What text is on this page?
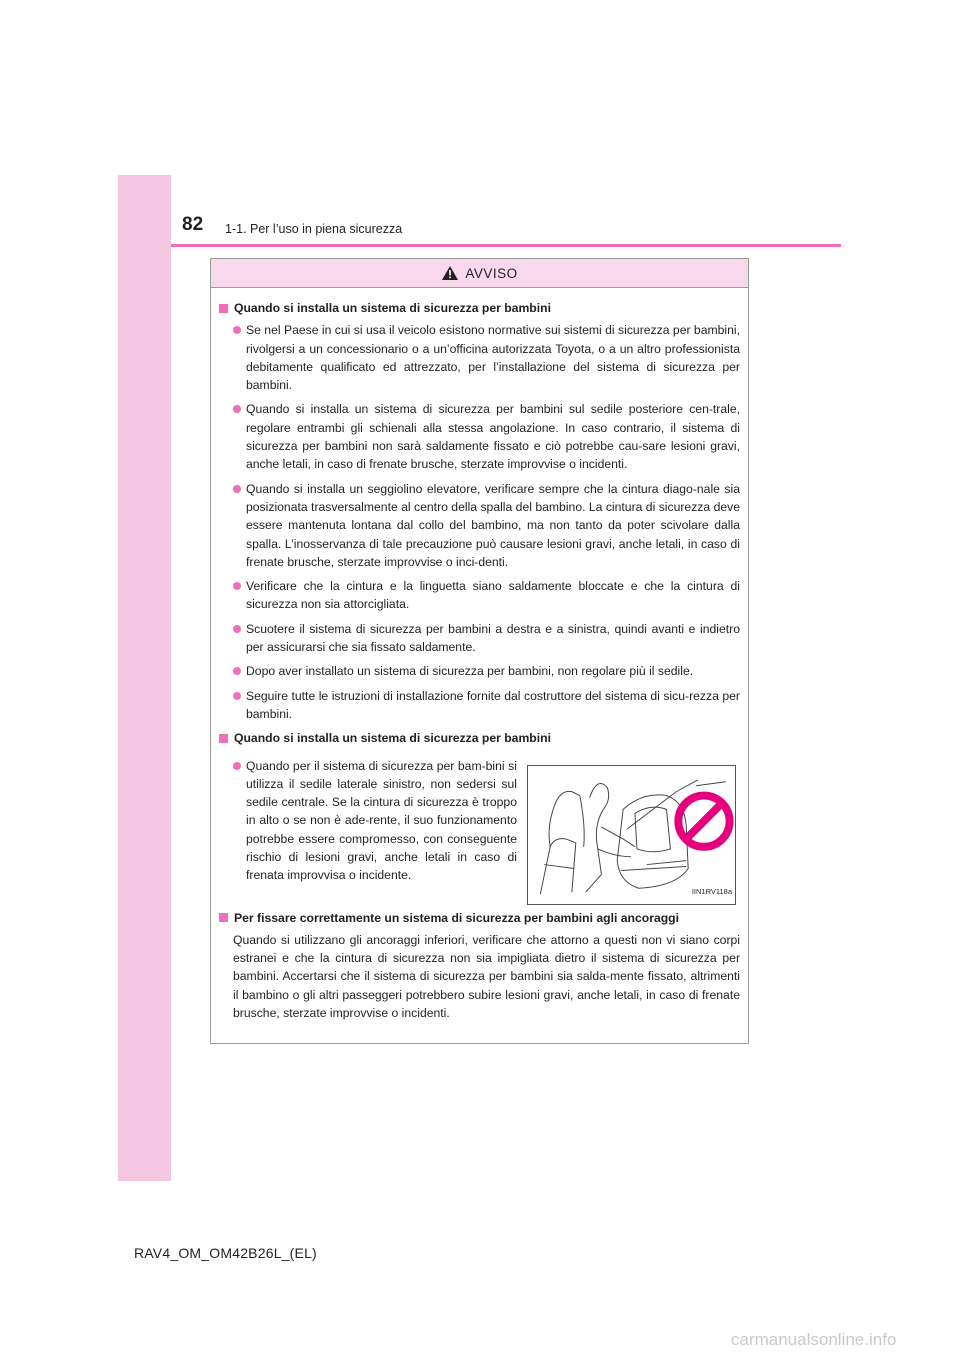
82 1-1. Per l’uso in piena sicurezza
AVVISO
Quando si installa un sistema di sicurezza per bambini
Se nel Paese in cui si usa il veicolo esistono normative sui sistemi di sicurezza per bambini, rivolgersi a un concessionario o a un’officina autorizzata Toyota, o a un altro professionista debitamente qualificato ed attrezzato, per l’installazione del sistema di sicurezza per bambini.
Quando si installa un sistema di sicurezza per bambini sul sedile posteriore cen-trale, regolare entrambi gli schienali alla stessa angolazione. In caso contrario, il sistema di sicurezza per bambini non sarà saldamente fissato e ciò potrebbe cau-sare lesioni gravi, anche letali, in caso di frenate brusche, sterzate improvvise o incidenti.
Quando si installa un seggiolino elevatore, verificare sempre che la cintura diago-nale sia posizionata trasversalmente al centro della spalla del bambino. La cintura di sicurezza deve essere mantenuta lontana dal collo del bambino, ma non tanto da poter scivolare dalla spalla. L’inosservanza di tale precauzione può causare lesioni gravi, anche letali, in caso di frenate brusche, sterzate improvvise o inci-denti.
Verificare che la cintura e la linguetta siano saldamente bloccate e che la cintura di sicurezza non sia attorcigliata.
Scuotere il sistema di sicurezza per bambini a destra e a sinistra, quindi avanti e indietro per assicurarsi che sia fissato saldamente.
Dopo aver installato un sistema di sicurezza per bambini, non regolare più il sedile.
Seguire tutte le istruzioni di installazione fornite dal costruttore del sistema di sicu-rezza per bambini.
Quando si installa un sistema di sicurezza per bambini
Quando per il sistema di sicurezza per bam-bini si utilizza il sedile laterale sinistro, non sedersi sul sedile centrale. Se la cintura di sicurezza è troppo in alto o se non è ade-rente, il suo funzionamento potrebbe essere compromesso, con conseguente rischio di lesioni gravi, anche letali in caso di frenata improvvisa o incidente.
IIN1RV118a
Per fissare correttamente un sistema di sicurezza per bambini agli ancoraggi
Quando si utilizzano gli ancoraggi inferiori, verificare che attorno a questi non vi siano corpi estranei e che la cintura di sicurezza non sia impigliata dietro il sistema di sicurezza per bambini. Accertarsi che il sistema di sicurezza per bambini sia salda-mente fissato, altrimenti il bambino o gli altri passeggeri potrebbero subire lesioni gravi, anche letali, in caso di frenate brusche, sterzate improvvise o incidenti.
RAV4_OM_OM42B26L_(EL)
carmanualsonline.info
